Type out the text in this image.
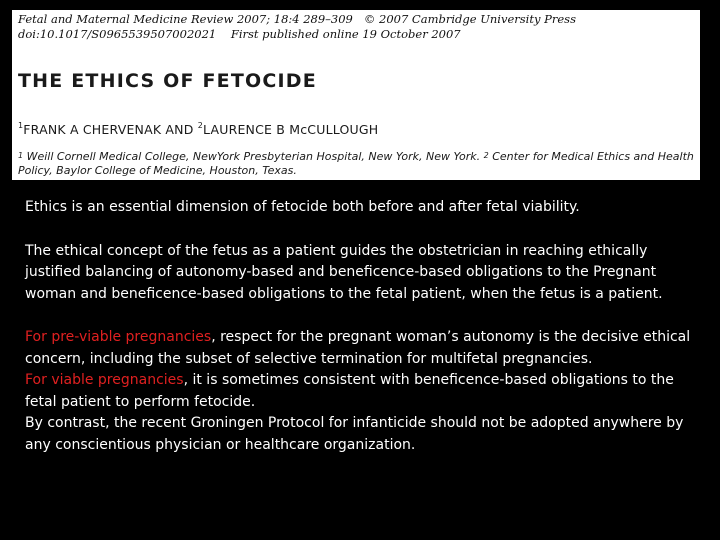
Fetal and Maternal Medicine Review 2007; 18:4 289–309   © 2007 Cambridge University Press
doi:10.1017/S0965539507002021    First published online 19 October 2007
THE ETHICS OF FETOCIDE
$^1$FRANK A CHERVENAK AND $^2$LAURENCE B McCULLOUGH
$^1$ Weill Cornell Medical College, NewYork Presbyterian Hospital, New York, New York. $^2$ Center for Medical Ethics and Health Policy, Baylor College of Medicine, Houston, Texas.

Ethics is an essential dimension of fetocide both before and after fetal viability.

The ethical concept of the fetus as a patient guides the obstetrician in reaching ethically justified balancing of autonomy-based and beneficence-based obligations to the Pregnant woman and beneficence-based obligations to the fetal patient, when the fetus is a patient.

For pre-viable pregnancies, respect for the pregnant woman’s autonomy is the decisive ethical concern, including the subset of selective termination for multifetal pregnancies.

For viable pregnancies, it is sometimes consistent with beneficence-based obligations to the fetal patient to perform fetocide.

By contrast, the recent Groningen Protocol for infanticide should not be adopted anywhere by any conscientious physician or healthcare organization.
